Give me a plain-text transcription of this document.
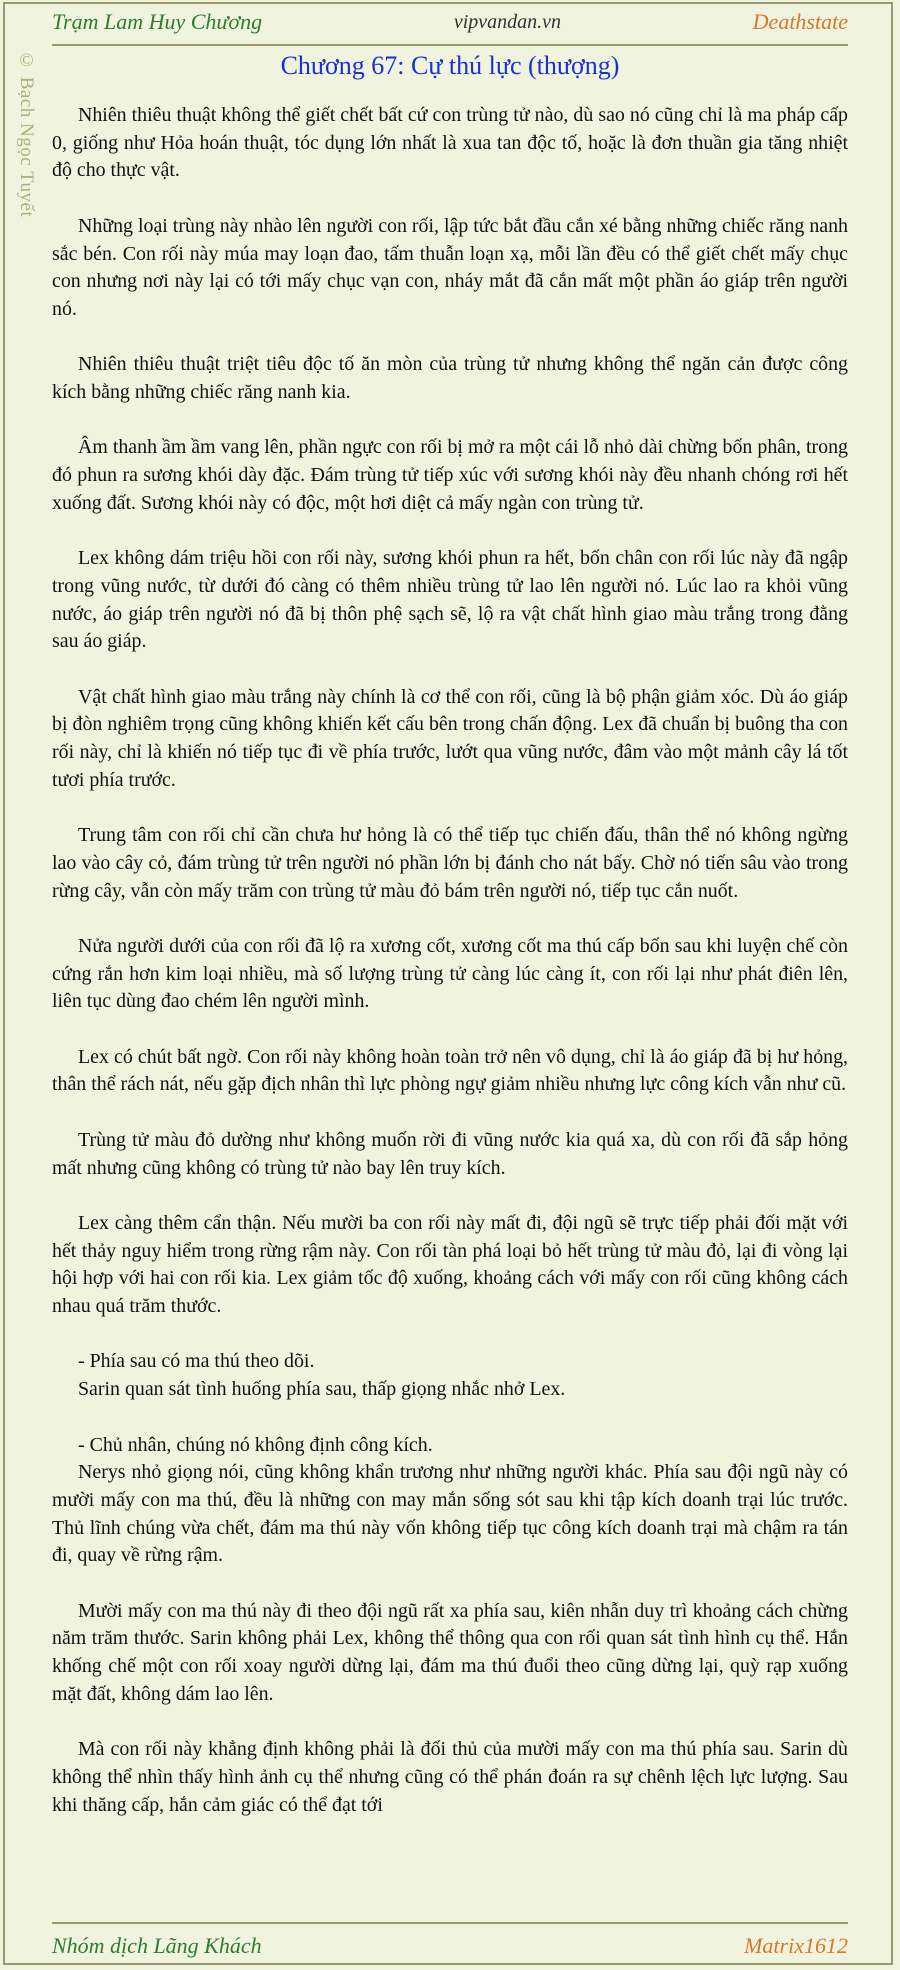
Trạm Lam Huy Chương	vipvandan.vn	Deathstate
© Bạch Ngọc Tuyết	Chương 67: Cự thú lực (thượng)

Nhiên thiêu thuật không thể giết chết bất cứ con trùng tử nào, dù sao nó cũng chỉ là ma pháp cấp 0, giống như Hỏa hoán thuật, tóc dụng lớn nhất là xua tan độc tố, hoặc là đơn thuần gia tăng nhiệt độ cho thực vật.

Những loại trùng này nhào lên người con rối, lập tức bắt đầu cắn xé bằng những chiếc răng nanh sắc bén. Con rối này múa may loạn đao, tấm thuẫn loạn xạ, mỗi lần đều có thể giết chết mấy chục con nhưng nơi này lại có tới mấy chục vạn con, nháy mắt đã cắn mất một phần áo giáp trên người nó.

Nhiên thiêu thuật triệt tiêu độc tố ăn mòn của trùng tử nhưng không thể ngăn cản được công kích bằng những chiếc răng nanh kia.

Âm thanh ầm ầm vang lên, phần ngực con rối bị mở ra một cái lỗ nhỏ dài chừng bốn phân, trong đó phun ra sương khói dày đặc. Đám trùng tử tiếp xúc với sương khói này đều nhanh chóng rơi hết xuống đất. Sương khói này có độc, một hơi diệt cả mấy ngàn con trùng tử.

Lex không dám triệu hồi con rối này, sương khói phun ra hết, bốn chân con rối lúc này đã ngập trong vũng nước, từ dưới đó càng có thêm nhiều trùng tử lao lên người nó. Lúc lao ra khỏi vũng nước, áo giáp trên người nó đã bị thôn phệ sạch sẽ, lộ ra vật chất hình giao màu trắng trong đằng sau áo giáp.

Vật chất hình giao màu trắng này chính là cơ thể con rối, cũng là bộ phận giảm xóc. Dù áo giáp bị đòn nghiêm trọng cũng không khiến kết cấu bên trong chấn động. Lex đã chuẩn bị buông tha con rối này, chỉ là khiến nó tiếp tục đi về phía trước, lướt qua vũng nước, đâm vào một mảnh cây lá tốt tươi phía trước.

Trung tâm con rối chỉ cần chưa hư hỏng là có thể tiếp tục chiến đấu, thân thể nó không ngừng lao vào cây cỏ, đám trùng tử trên người nó phần lớn bị đánh cho nát bấy. Chờ nó tiến sâu vào trong rừng cây, vẫn còn mấy trăm con trùng tử màu đỏ bám trên người nó, tiếp tục cắn nuốt.

Nửa người dưới của con rối đã lộ ra xương cốt, xương cốt ma thú cấp bốn sau khi luyện chế còn cứng rắn hơn kim loại nhiều, mà số lượng trùng tử càng lúc càng ít, con rối lại như phát điên lên, liên tục dùng đao chém lên người mình.

Lex có chút bất ngờ. Con rối này không hoàn toàn trở nên vô dụng, chỉ là áo giáp đã bị hư hỏng, thân thể rách nát, nếu gặp địch nhân thì lực phòng ngự giảm nhiều nhưng lực công kích vẫn như cũ.

Trùng tử màu đỏ dường như không muốn rời đi vũng nước kia quá xa, dù con rối đã sắp hỏng mất nhưng cũng không có trùng tử nào bay lên truy kích.

Lex càng thêm cẩn thận. Nếu mười ba con rối này mất đi, đội ngũ sẽ trực tiếp phải đối mặt với hết thảy nguy hiểm trong rừng rậm này. Con rối tàn phá loại bỏ hết trùng tử màu đỏ, lại đi vòng lại hội hợp với hai con rối kia. Lex giảm tốc độ xuống, khoảng cách với mấy con rối cũng không cách nhau quá trăm thước.

- Phía sau có ma thú theo dõi.

Sarin quan sát tình huống phía sau, thấp giọng nhắc nhở Lex.

- Chủ nhân, chúng nó không định công kích.

Nerys nhỏ giọng nói, cũng không khẩn trương như những người khác. Phía sau đội ngũ này có mười mấy con ma thú, đều là những con may mắn sống sót sau khi tập kích doanh trại lúc trước. Thủ lĩnh chúng vừa chết, đám ma thú này vốn không tiếp tục công kích doanh trại mà chậm ra tán đi, quay về rừng rậm.

Mười mấy con ma thú này đi theo đội ngũ rất xa phía sau, kiên nhẫn duy trì khoảng cách chừng năm trăm thước. Sarin không phải Lex, không thể thông qua con rối quan sát tình hình cụ thể. Hắn khống chế một con rối xoay người dừng lại, đám ma thú đuổi theo cũng dừng lại, quỳ rạp xuống mặt đất, không dám lao lên.

Mà con rối này khẳng định không phải là đối thủ của mười mấy con ma thú phía sau. Sarin dù không thể nhìn thấy hình ảnh cụ thể nhưng cũng có thể phán đoán ra sự chênh lệch lực lượng. Sau khi thăng cấp, hắn cảm giác có thể đạt tới

Nhóm dịch Lãng Khách	Matrix1612
